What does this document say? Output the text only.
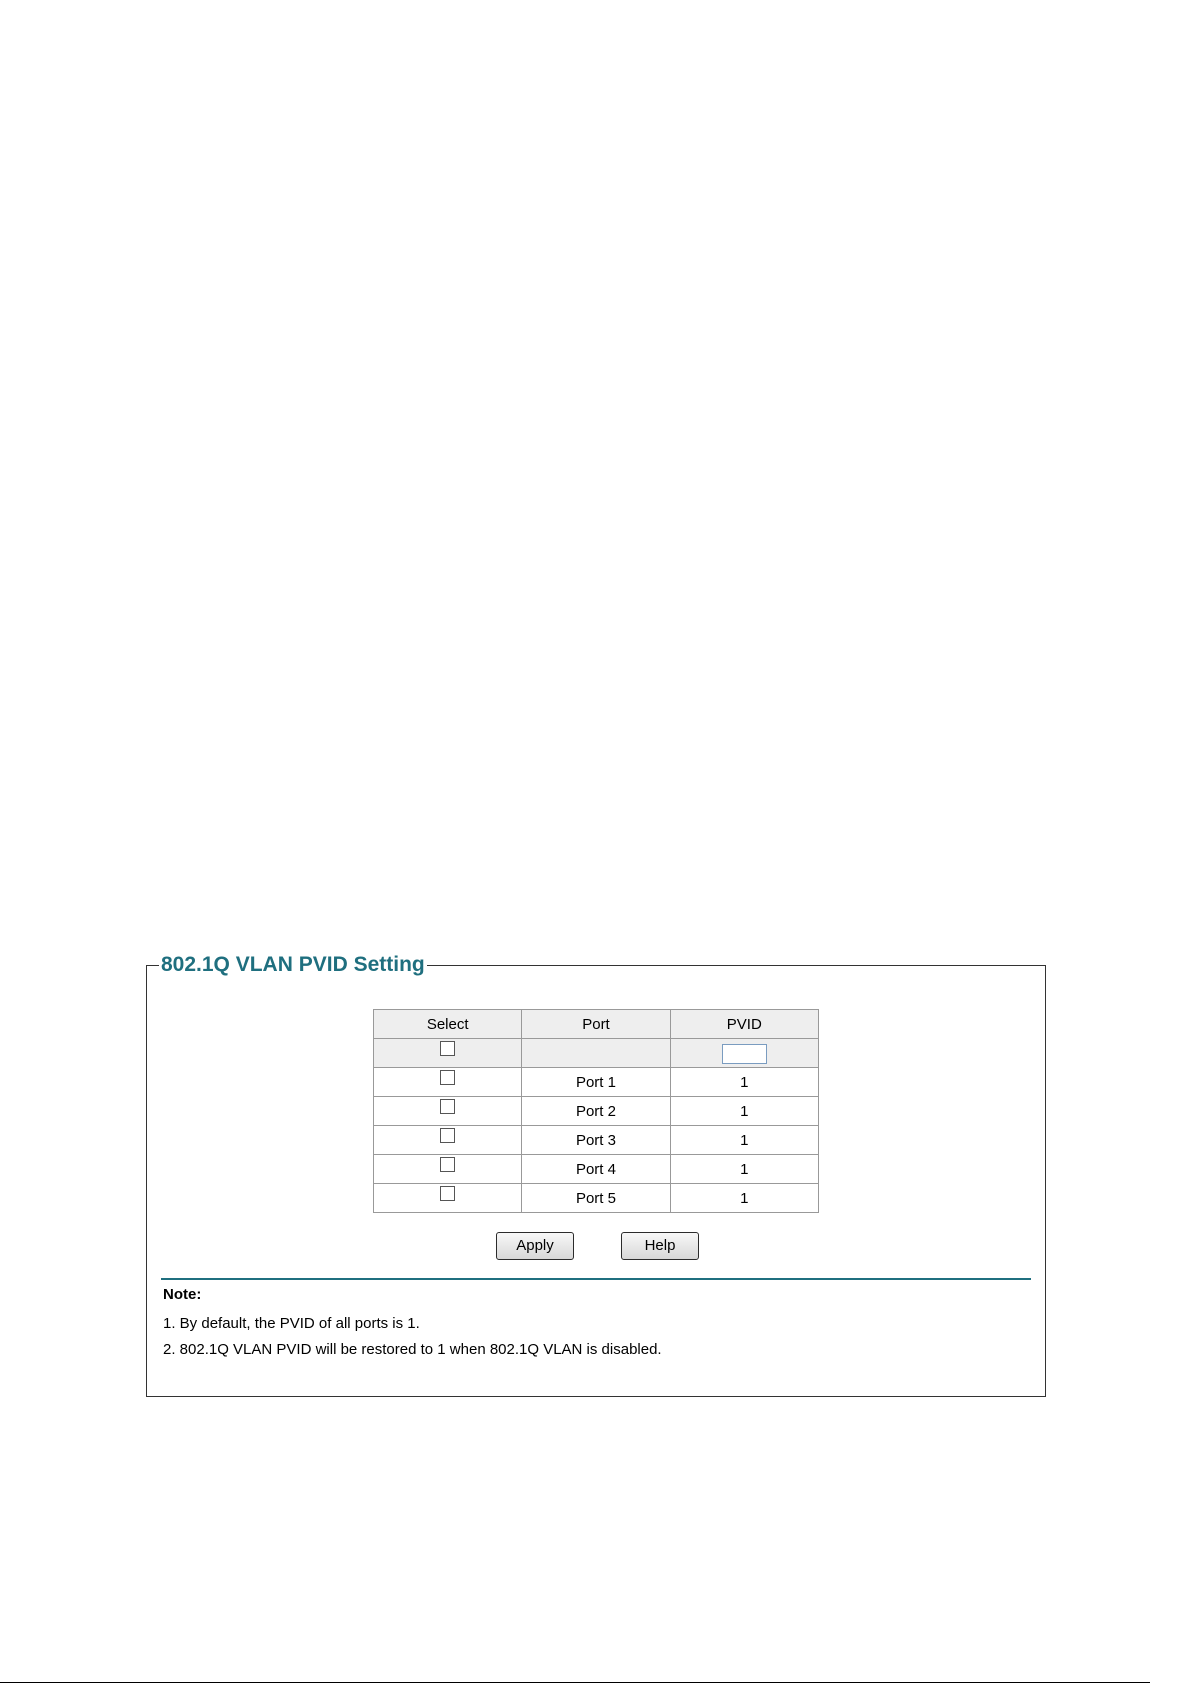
802.1Q VLAN PVID Setting
Select	Port	PVID

	Port 1	1
	Port 2	1
	Port 3	1
	Port 4	1
	Port 5	1
Apply	Help
Note:
1. By default, the PVID of all ports is 1.
2. 802.1Q VLAN PVID will be restored to 1 when 802.1Q VLAN is disabled.
